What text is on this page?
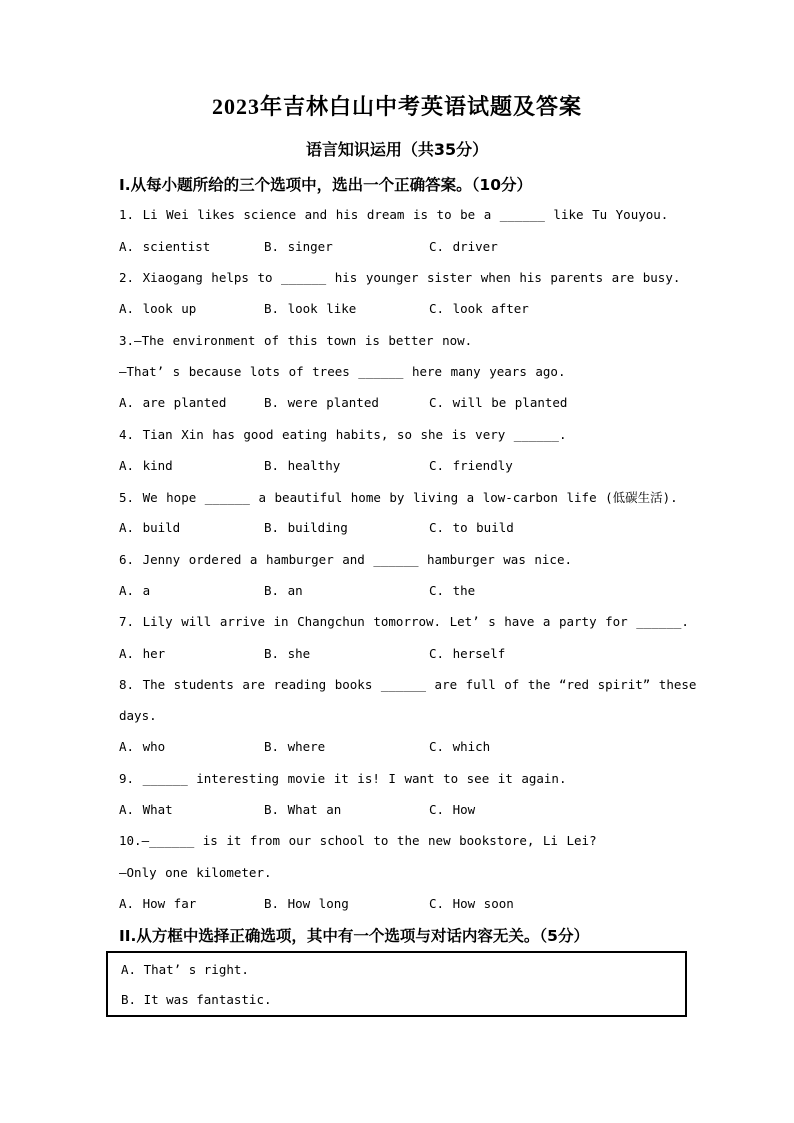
2023年吉林白山中考英语试题及答案
语言知识运用（共35分）
I.从每小题所给的三个选项中，选出一个正确答案。（10分）
1. Li Wei likes science and his dream is to be a ______ like Tu Youyou.
A. scientist	B. singer	C. driver
2. Xiaogang helps to ______ his younger sister when his parents are busy.
A. look up	B. look like	C. look after
3.—The environment of this town is better now.
—That’ s because lots of trees ______ here many years ago.
A. are planted	B. were planted	C. will be planted
4. Tian Xin has good eating habits, so she is very ______.
A. kind	B. healthy	C. friendly
5. We hope ______ a beautiful home by living a low-carbon life (低碳生活).
A. build	B. building	C. to build
6. Jenny ordered a hamburger and ______ hamburger was nice.
A. a	B. an	C. the
7. Lily will arrive in Changchun tomorrow. Let’ s have a party for ______.
A. her	B. she	C. herself
8. The students are reading books ______ are full of the “red spirit” these
days.
A. who	B. where	C. which
9. ______ interesting movie it is! I want to see it again.
A. What	B. What an	C. How
10.—______ is it from our school to the new bookstore, Li Lei?
—Only one kilometer.
A. How far	B. How long	C. How soon
II.从方框中选择正确选项，其中有一个选项与对话内容无关。（5分）
A. That’ s right.
B. It was fantastic.
